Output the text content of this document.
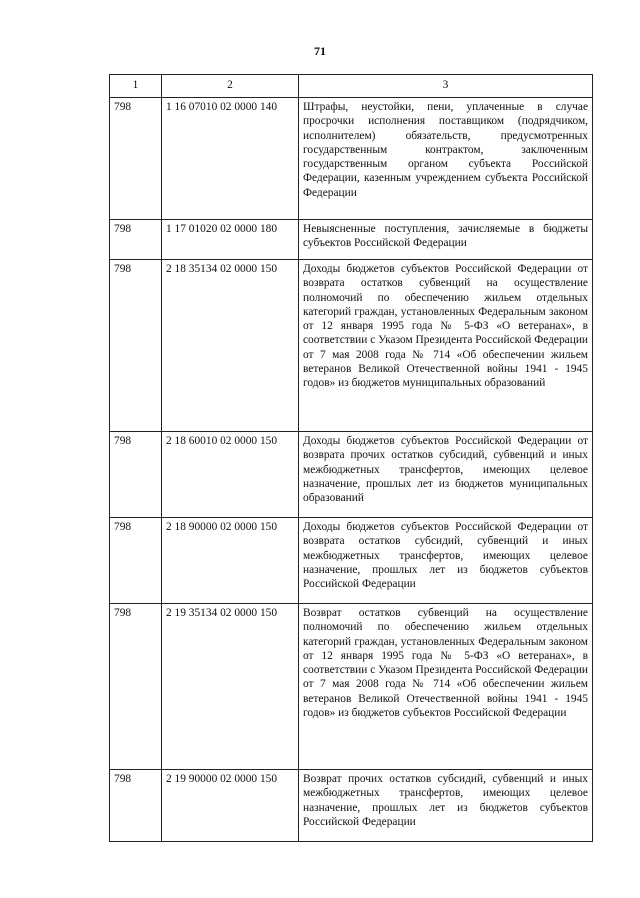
71
1	2	3
798	1 16 07010 02 0000 140	Штрафы, неустойки, пени, уплаченные в случае просрочки исполнения поставщиком (подрядчиком, исполнителем) обязательств, предусмотренных государственным контрактом, заключенным государственным органом субъекта Российской Федерации, казенным учреждением субъекта Российской Федерации
798	1 17 01020 02 0000 180	Невыясненные поступления, зачисляемые в бюджеты субъектов Российской Федерации
798	2 18 35134 02 0000 150	Доходы бюджетов субъектов Российской Федерации от возврата остатков субвенций на осуществление полномочий по обеспечению жильем отдельных категорий граждан, установленных Федеральным законом от 12 января 1995 года № 5-ФЗ «О ветеранах», в соответствии с Указом Президента Российской Федерации от 7 мая 2008 года № 714 «Об обеспечении жильем ветеранов Великой Отечественной войны 1941 - 1945 годов» из бюджетов муниципальных образований
798	2 18 60010 02 0000 150	Доходы бюджетов субъектов Российской Федерации от возврата прочих остатков субсидий, субвенций и иных межбюджетных трансфертов, имеющих целевое назначение, прошлых лет из бюджетов муниципальных образований
798	2 18 90000 02 0000 150	Доходы бюджетов субъектов Российской Федерации от возврата остатков субсидий, субвенций и иных межбюджетных трансфертов, имеющих целевое назначение, прошлых лет из бюджетов субъектов Российской Федерации
798	2 19 35134 02 0000 150	Возврат остатков субвенций на осуществление полномочий по обеспечению жильем отдельных категорий граждан, установленных Федеральным законом от 12 января 1995 года № 5-ФЗ «О ветеранах», в соответствии с Указом Президента Российской Федерации от 7 мая 2008 года № 714 «Об обеспечении жильем ветеранов Великой Отечественной войны 1941 - 1945 годов» из бюджетов субъектов Российской Федерации
798	2 19 90000 02 0000 150	Возврат прочих остатков субсидий, субвенций и иных межбюджетных трансфертов, имеющих целевое назначение, прошлых лет из бюджетов субъектов Российской Федерации
